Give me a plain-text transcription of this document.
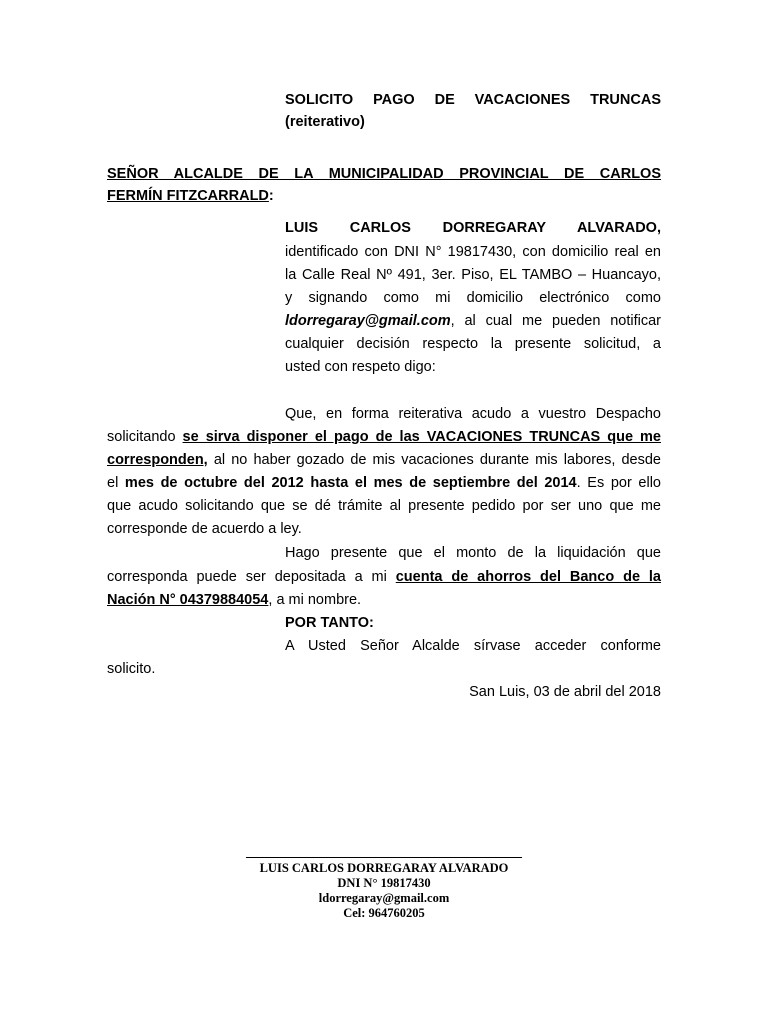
SOLICITO PAGO DE VACACIONES TRUNCAS
(reiterativo)
SEÑOR ALCALDE DE LA MUNICIPALIDAD PROVINCIAL DE CARLOS
FERMÍN FITZCARRALD:
LUIS CARLOS DORREGARAY ALVARADO,
identificado con DNI N° 19817430, con domicilio real en
la Calle Real Nº 491, 3er. Piso, EL TAMBO – Huancayo,
y signando como mi domicilio electrónico como
ldorregaray@gmail.com, al cual me pueden notificar
cualquier decisión respecto la presente solicitud, a
usted con respeto digo:
Que, en forma reiterativa acudo a vuestro Despacho
solicitando se sirva disponer el pago de las VACACIONES TRUNCAS que me
corresponden, al no haber gozado de mis vacaciones durante mis labores, desde
el mes de octubre del 2012 hasta el mes de septiembre del 2014. Es por ello
que acudo solicitando que se dé trámite al presente pedido por ser uno que me
corresponde de acuerdo a ley.
Hago presente que el monto de la liquidación que
corresponda puede ser depositada a mi cuenta de ahorros del Banco de la
Nación N° 04379884054, a mi nombre.
POR TANTO:
A Usted Señor Alcalde sírvase acceder conforme
solicito.
San Luis, 03 de abril del 2018
LUIS CARLOS DORREGARAY ALVARADO
DNI N° 19817430
ldorregaray@gmail.com
Cel: 964760205
